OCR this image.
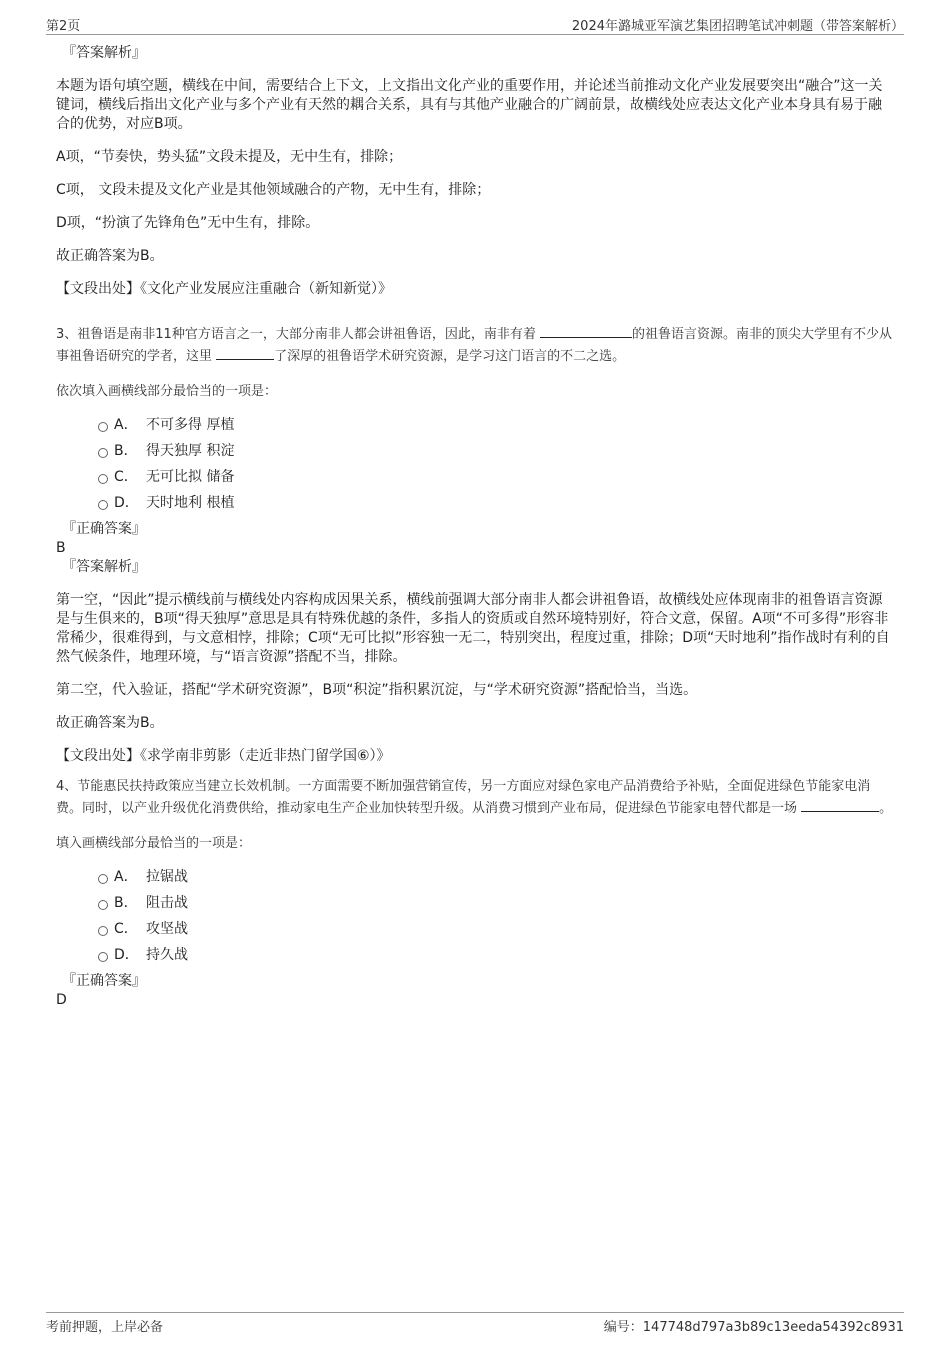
第2页	2024年潞城亚军演艺集团招聘笔试冲刺题（带答案解析）

『答案解析』

本题为语句填空题，横线在中间，需要结合上下文，上文指出文化产业的重要作用，并论述当前推动文化产业发展要突出“融合”这一关键词，横线后指出文化产业与多个产业有天然的耦合关系，具有与其他产业融合的广阔前景，故横线处应表达文化产业本身具有易于融合的优势，对应B项。

A项，“节奏快，势头猛”文段未提及，无中生有，排除；

C项， 文段未提及文化产业是其他领域融合的产物，无中生有，排除；

D项，“扮演了先锋角色”无中生有，排除。

故正确答案为B。

【文段出处】《文化产业发展应注重融合（新知新觉）》

3、祖鲁语是南非11种官方语言之一，大部分南非人都会讲祖鲁语，因此，南非有着	的祖鲁语言资源。南非的顶尖大学里有不少从事祖鲁语研究的学者，这里	了深厚的祖鲁语学术研究资源，是学习这门语言的不二之选。

依次填入画横线部分最恰当的一项是：

A． 不可多得 厚植
B． 得天独厚 积淀
C． 无可比拟 储备
D． 天时地利 根植

『正确答案』

B

『答案解析』

第一空，“因此”提示横线前与横线处内容构成因果关系，横线前强调大部分南非人都会讲祖鲁语，故横线处应体现南非的祖鲁语言资源是与生俱来的，B项“得天独厚”意思是具有特殊优越的条件，多指人的资质或自然环境特别好，符合文意，保留。A项“不可多得”形容非常稀少，很难得到，与文意相悖，排除；C项“无可比拟”形容独一无二，特别突出，程度过重，排除；D项“天时地利”指作战时有利的自然气候条件，地理环境，与“语言资源”搭配不当，排除。

第二空，代入验证，搭配“学术研究资源”，B项“积淀”指积累沉淀，与“学术研究资源”搭配恰当，当选。

故正确答案为B。

【文段出处】《求学南非剪影（走近非热门留学国⑥）》

4、节能惠民扶持政策应当建立长效机制。一方面需要不断加强营销宣传，另一方面应对绿色家电产品消费给予补贴，全面促进绿色节能家电消费。同时，以产业升级优化消费供给，推动家电生产企业加快转型升级。从消费习惯到产业布局，促进绿色节能家电替代都是一场	。

填入画横线部分最恰当的一项是：

A． 拉锯战
B． 阻击战
C． 攻坚战
D． 持久战

『正确答案』

D

考前押题，上岸必备	编号：147748d797a3b89c13eeda54392c8931
